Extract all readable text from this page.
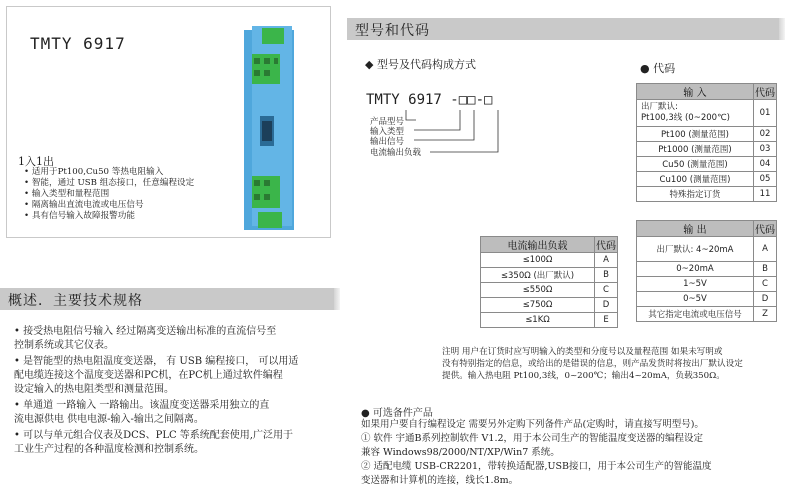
TMTY 6917
1入1出
• 适用于Pt100,Cu50 等热电阻输入
• 智能，通过 USB 组态接口，任意编程设定
• 输入类型和量程范围
• 隔离输出直流电流或电压信号
• 具有信号输入故障报警功能
概述．主要技术规格
• 接受热电阻信号输入 经过隔离变送输出标准的直流信号至
控制系统或其它仪表。
• 是智能型的热电阻温度变送器， 有 USB 编程接口， 可以用适
配电缆连接这个温度变送器和PC机，在PC机上通过软件编程
设定输入的热电阻类型和测量范围。
• 单通道 一路输入 一路输出。该温度变送器采用独立的直
流电源供电 供电电源-输入-输出之间隔离。
• 可以与单元组合仪表及DCS、PLC 等系统配套使用,广泛用于
工业生产过程的各种温度检测和控制系统。
型号和代码
◆ 型号及代码构成方式	● 代码
TMTY 6917 -□□-□
产品型号
输入类型
输出信号
电流输出负载
输 入	代码

出厂默认:
Pt100,3线 (0~200℃)	01
Pt100 (测量范围)	02
Pt1000 (测量范围)	03
Cu50 (测量范围)	04
Cu100 (测量范围)	05
特殊指定订货	11
输 出	代码
出厂默认: 4~20mA	A
0~20mA	B
1~5V	C
0~5V	D
其它指定电流或电压信号	Z
电流输出负载	代码
≤100Ω	A
≤350Ω (出厂默认)	B
≤550Ω	C
≤750Ω	D
≤1KΩ	E
注明 用户在订货时应写明输入的类型和分度号以及量程范围 如果未写明或
没有特别指定的信息，或给出的是错误的信息，则产品发货时将按出厂默认设定
提供。输入热电阻 Pt100,3线，0~200℃；输出4~20mA，负载350Ω。
● 可选备件产品
如果用户要自行编程设定 需要另外定购下列备件产品(定购时，请直接写明型号)。
① 软件 宇通B系列控制软件 V1.2，用于本公司生产的智能温度变送器的编程设定
兼容 Windows98/2000/NT/XP/Win7 系统。
② 适配电缆 USB-CR2201，带转换适配器,USB接口，用于本公司生产的智能温度
变送器和计算机的连接，线长1.8m。
